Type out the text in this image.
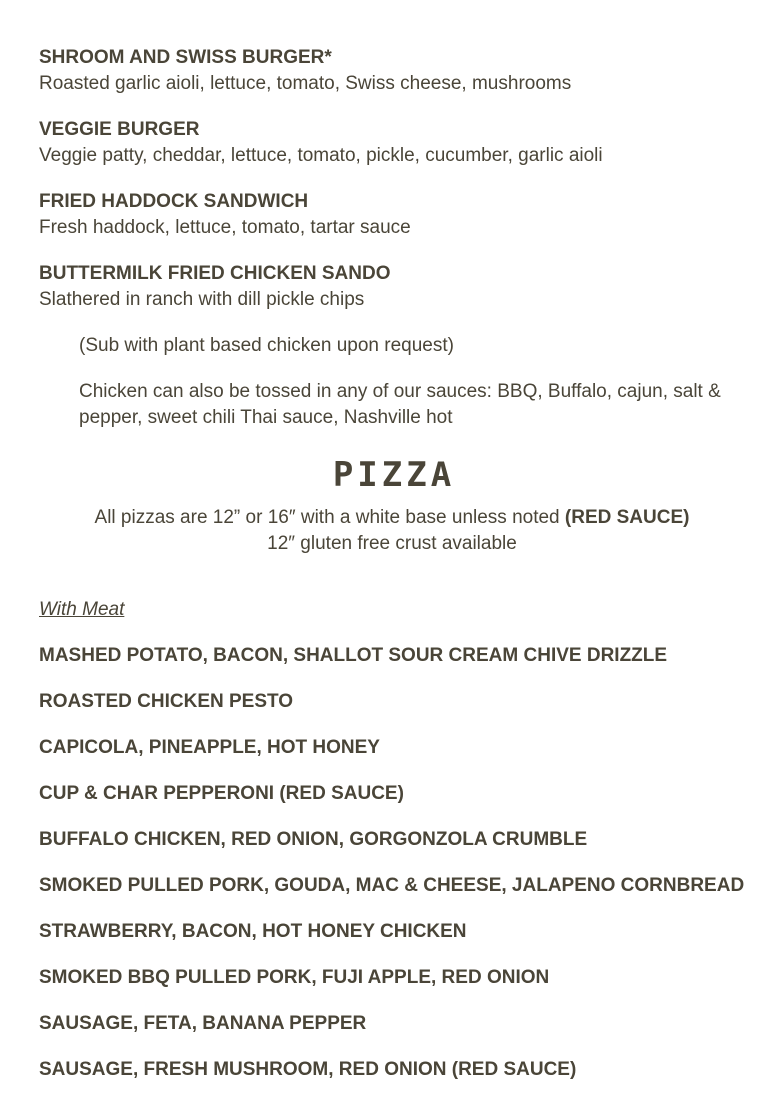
SHROOM AND SWISS BURGER*
Roasted garlic aioli, lettuce, tomato, Swiss cheese, mushrooms
VEGGIE BURGER
Veggie patty, cheddar, lettuce, tomato, pickle, cucumber, garlic aioli
FRIED HADDOCK SANDWICH
Fresh haddock, lettuce, tomato, tartar sauce
BUTTERMILK FRIED CHICKEN SANDO
Slathered in ranch with dill pickle chips
(Sub with plant based chicken upon request)
Chicken can also be tossed in any of our sauces: BBQ, Buffalo, cajun, salt & pepper, sweet chili Thai sauce, Nashville hot
PIZZA
All pizzas are 12” or 16″ with a white base unless noted (RED SAUCE)
12″ gluten free crust available
With Meat
MASHED POTATO, BACON, SHALLOT SOUR CREAM CHIVE DRIZZLE
ROASTED CHICKEN PESTO
CAPICOLA, PINEAPPLE, HOT HONEY
CUP & CHAR PEPPERONI (RED SAUCE)
BUFFALO CHICKEN, RED ONION, GORGONZOLA CRUMBLE
SMOKED PULLED PORK, GOUDA, MAC & CHEESE, JALAPENO CORNBREAD
STRAWBERRY, BACON, HOT HONEY CHICKEN
SMOKED BBQ PULLED PORK, FUJI APPLE, RED ONION
SAUSAGE, FETA, BANANA PEPPER
SAUSAGE, FRESH MUSHROOM, RED ONION (RED SAUCE)
